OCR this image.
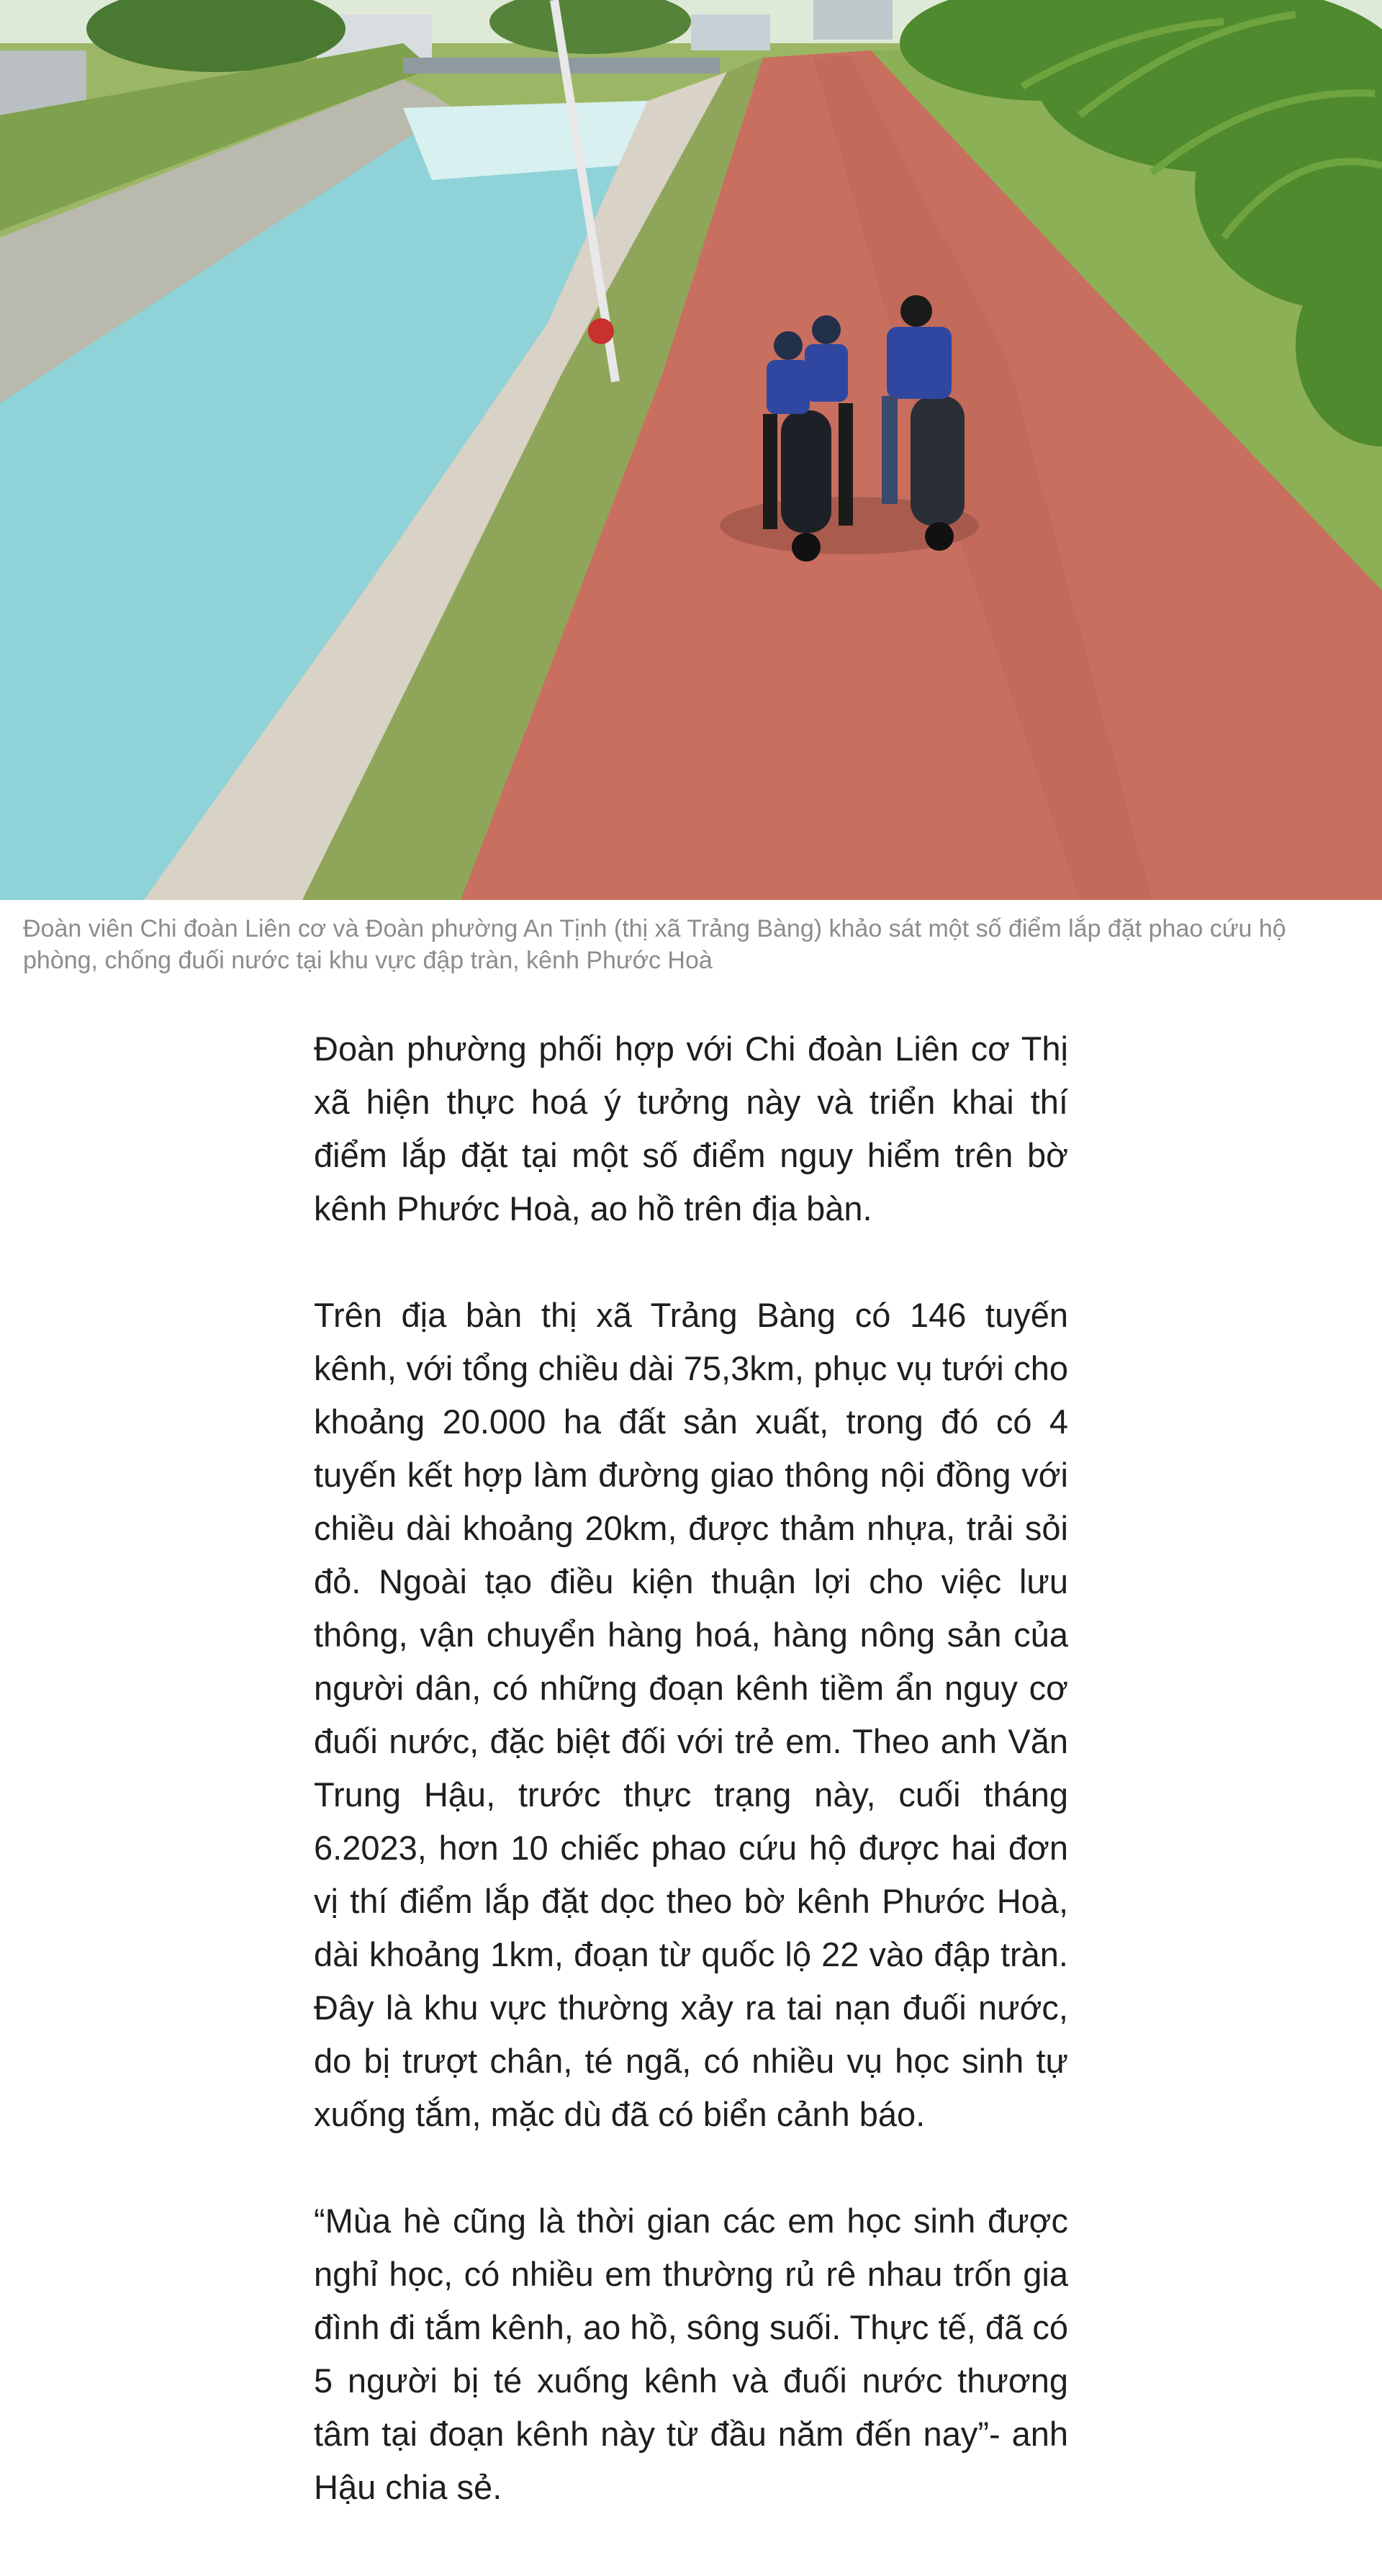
Đoàn viên Chi đoàn Liên cơ và Đoàn phường An Tịnh (thị xã Trảng Bàng) khảo sát một số điểm lắp đặt phao cứu hộ phòng, chống đuối nước tại khu vực đập tràn, kênh Phước Hoà

Đoàn phường phối hợp với Chi đoàn Liên cơ Thị xã hiện thực hoá ý tưởng này và triển khai thí điểm lắp đặt tại một số điểm nguy hiểm trên bờ kênh Phước Hoà, ao hồ trên địa bàn.

Trên địa bàn thị xã Trảng Bàng có 146 tuyến kênh, với tổng chiều dài 75,3km, phục vụ tưới cho khoảng 20.000 ha đất sản xuất, trong đó có 4 tuyến kết hợp làm đường giao thông nội đồng với chiều dài khoảng 20km, được thảm nhựa, trải sỏi đỏ. Ngoài tạo điều kiện thuận lợi cho việc lưu thông, vận chuyển hàng hoá, hàng nông sản của người dân, có những đoạn kênh tiềm ẩn nguy cơ đuối nước, đặc biệt đối với trẻ em. Theo anh Văn Trung Hậu, trước thực trạng này, cuối tháng 6.2023, hơn 10 chiếc phao cứu hộ được hai đơn vị thí điểm lắp đặt dọc theo bờ kênh Phước Hoà, dài khoảng 1km, đoạn từ quốc lộ 22 vào đập tràn. Đây là khu vực thường xảy ra tai nạn đuối nước, do bị trượt chân, té ngã, có nhiều vụ học sinh tự xuống tắm, mặc dù đã có biển cảnh báo.

“Mùa hè cũng là thời gian các em học sinh được nghỉ học, có nhiều em thường rủ rê nhau trốn gia đình đi tắm kênh, ao hồ, sông suối. Thực tế, đã có 5 người bị té xuống kênh và đuối nước thương tâm tại đoạn kênh này từ đầu năm đến nay”- anh Hậu chia sẻ.
